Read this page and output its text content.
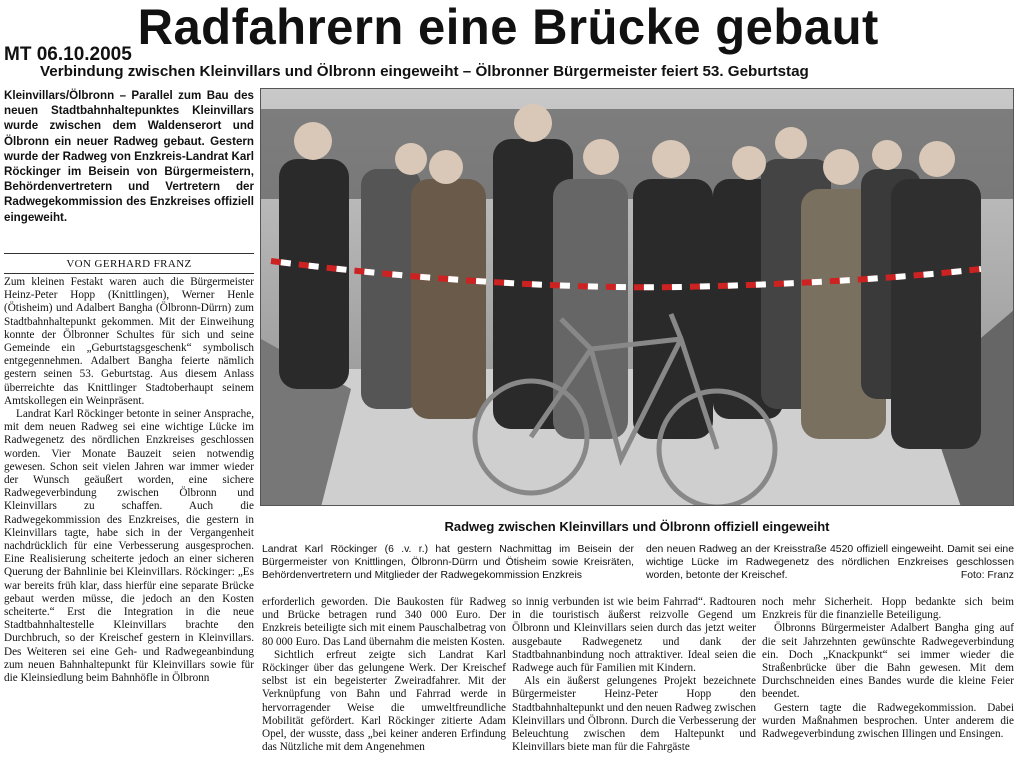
Radfahrern eine Brücke gebaut
MT 06.10.2005
Verbindung zwischen Kleinvillars und Ölbronn eingeweiht – Ölbronner Bürgermeister feiert 53. Geburtstag
Kleinvillars/Ölbronn – Parallel zum Bau des neuen Stadtbahnhaltepunktes Kleinvillars wurde zwischen dem Waldenserort und Ölbronn ein neuer Radweg gebaut. Gestern wurde der Radweg von Enzkreis-Landrat Karl Röckinger im Beisein von Bürgermeistern, Behördenvertretern und Vertretern der Radwegekommission des Enzkreises offiziell eingeweiht.
VON GERHARD FRANZ

Zum kleinen Festakt waren auch die Bürgermeister Heinz-Peter Hopp (Knittlingen), Werner Henle (Ötisheim) und Adalbert Bangha (Ölbronn-Dürrn) zum Stadtbahnhaltepunkt gekommen. Mit der Einweihung konnte der Ölbronner Schultes für sich und seine Gemeinde ein „Geburtstagsgeschenk“ symbolisch entgegennehmen. Adalbert Bangha feierte nämlich gestern seinen 53. Geburtstag. Aus diesem Anlass überreichte das Knittlinger Stadtoberhaupt seinem Amtskollegen ein Weinpräsent.

Landrat Karl Röckinger betonte in seiner Ansprache, mit dem neuen Radweg sei eine wichtige Lücke im Radwegenetz des nördlichen Enzkreises geschlossen worden. Vier Monate Bauzeit seien notwendig gewesen. Schon seit vielen Jahren war immer wieder der Wunsch geäußert worden, eine sichere Radwegeverbindung zwischen Ölbronn und Kleinvillars zu schaffen. Auch die Radwegekommission des Enzkreises, die gestern in Kleinvillars tagte, habe sich in der Vergangenheit nachdrücklich für eine Verbesserung ausgesprochen. Eine Realisierung scheiterte jedoch an einer sicheren Querung der Bahnlinie bei Kleinvillars. Röckinger: „Es war bereits früh klar, dass hierfür eine separate Brücke gebaut werden müsse, die jedoch an den Kosten scheiterte.“ Erst die Integration in die neue Stadtbahnhaltestelle Kleinvillars brachte den Durchbruch, so der Kreischef gestern in Kleinvillars. Des Weiteren sei eine Geh- und Radwegeanbindung zum neuen Bahnhaltepunkt für Kleinvillars sowie für die Kleinsiedlung beim Bahnhöfle in Ölbronn

Radweg zwischen Kleinvillars und Ölbronn offiziell eingeweiht
Landrat Karl Röckinger (6 .v. r.) hat gestern Nachmittag im Beisein der Bürgermeister von Knittlingen, Ölbronn-Dürrn und Ötisheim sowie Kreisräten, Behördenvertretern und Mitglieder der Radwegekommission Enzkreis
den neuen Radweg an der Kreisstraße 4520 offiziell eingeweiht. Damit sei eine wichtige Lücke im Radwegenetz des nördlichen Enzkreises geschlossen worden, betonte der Kreischef.	Foto: Franz

erforderlich geworden. Die Baukosten für Radweg und Brücke betragen rund 340 000 Euro. Der Enzkreis beteiligte sich mit einem Pauschalbetrag von 80 000 Euro. Das Land übernahm die meisten Kosten.

Sichtlich erfreut zeigte sich Landrat Karl Röckinger über das gelungene Werk. Der Kreischef selbst ist ein begeisterter Zweiradfahrer. Mit der Verknüpfung von Bahn und Fahrrad werde in hervorragender Weise die umweltfreundliche Mobilität gefördert. Karl Röckinger zitierte Adam Opel, der wusste, dass „bei keiner anderen Erfindung das Nützliche mit dem Angenehmen

so innig verbunden ist wie beim Fahrrad“. Radtouren in die touristisch äußerst reizvolle Gegend um Ölbronn und Kleinvillars seien durch das jetzt weiter ausgebaute Radwegenetz und dank der Stadtbahnanbindung noch attraktiver. Ideal seien die Radwege auch für Familien mit Kindern.

Als ein äußerst gelungenes Projekt bezeichnete Bürgermeister Heinz-Peter Hopp den Stadtbahnhaltepunkt und den neuen Radweg zwischen Kleinvillars und Ölbronn. Durch die Verbesserung der Beleuchtung zwischen dem Haltepunkt und Kleinvillars biete man für die Fahrgäste

noch mehr Sicherheit. Hopp bedankte sich beim Enzkreis für die finanzielle Beteiligung.

Ölbronns Bürgermeister Adalbert Bangha ging auf die seit Jahrzehnten gewünschte Radwegeverbindung ein. Doch „Knackpunkt“ sei immer wieder die Straßenbrücke über die Bahn gewesen. Mit dem Durchschneiden eines Bandes wurde die kleine Feier beendet.

Gestern tagte die Radwegekommission. Dabei wurden Maßnahmen besprochen. Unter anderem die Radwegeverbindung zwischen Illingen und Ensingen.
